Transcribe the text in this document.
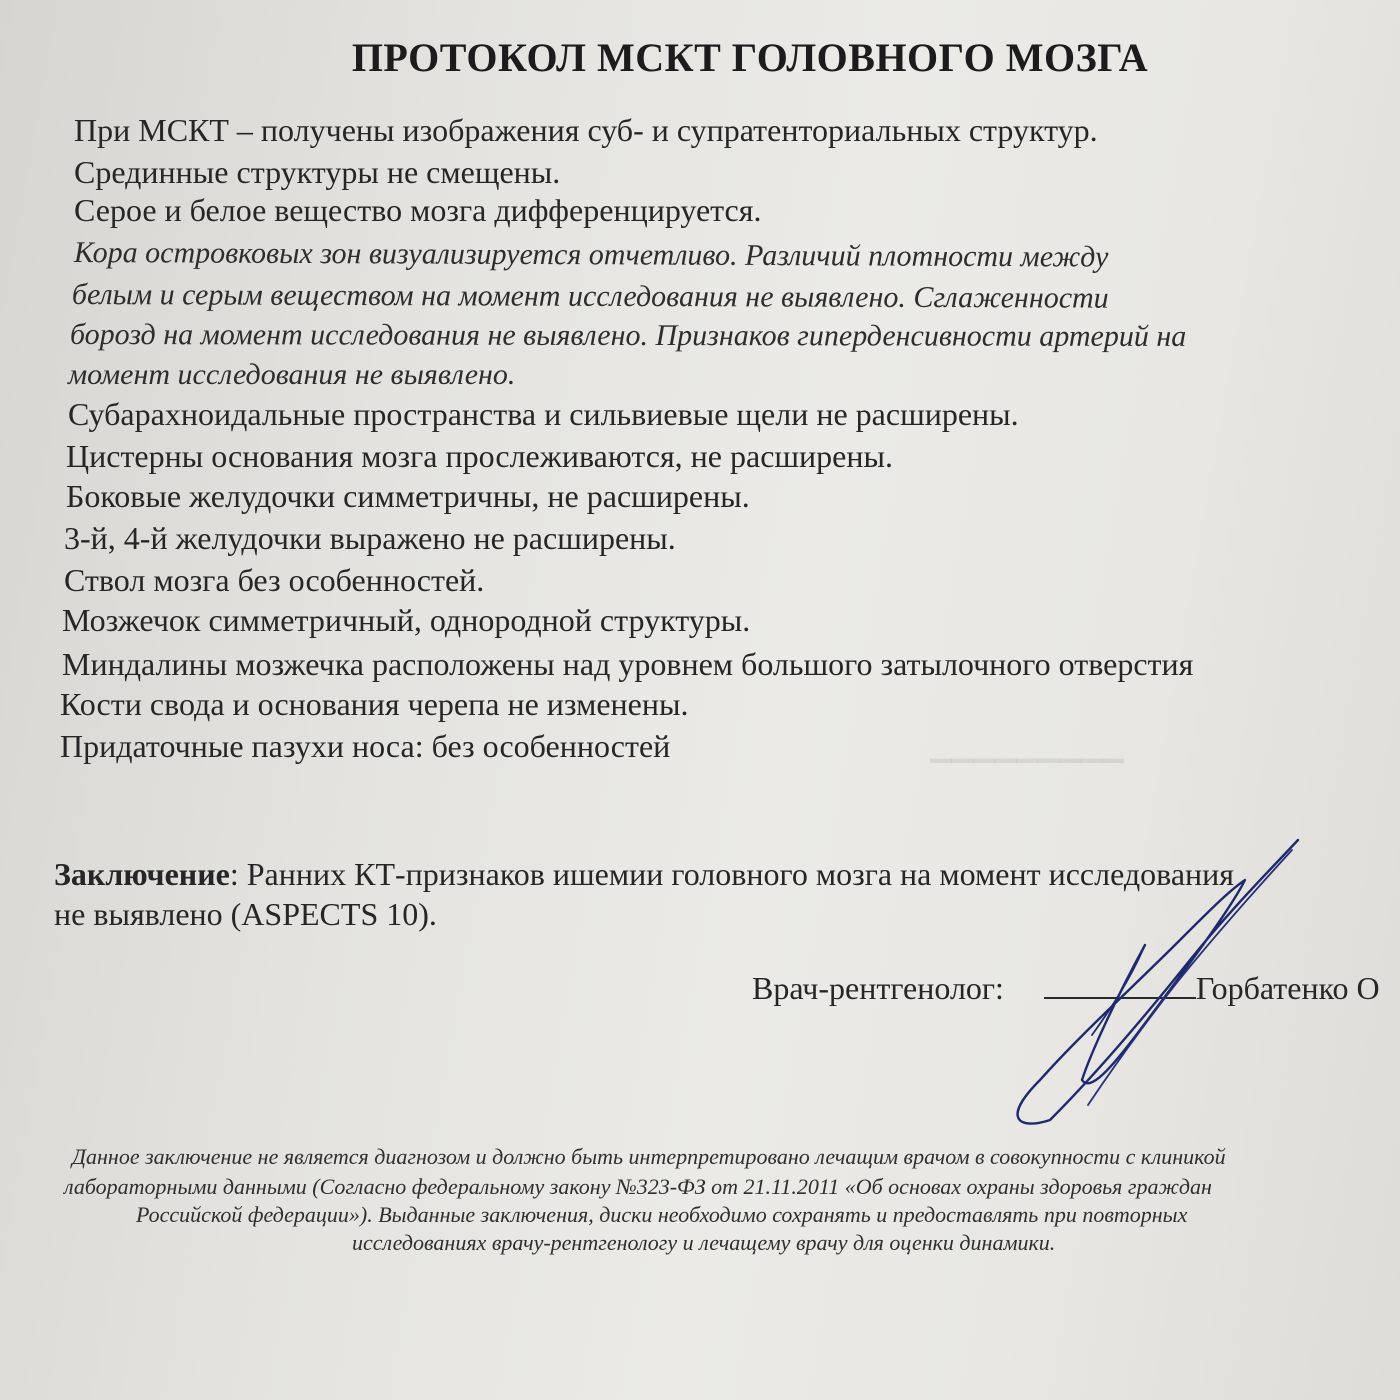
▁▁▁▁▁▁▁▁▁
ПРОТОКОЛ МСКТ ГОЛОВНОГО МОЗГА
При МСКТ – получены изображения суб- и супратенториальных структур.
Срединные структуры не смещены.
Серое и белое вещество мозга дифференцируется.
Кора островковых зон визуализируется отчетливо. Различий плотности между
белым и серым веществом на момент исследования не выявлено. Сглаженности
борозд на момент исследования не выявлено. Признаков гиперденсивности артерий на
момент исследования не выявлено.
Субарахноидальные пространства и сильвиевые щели не расширены.
Цистерны основания мозга прослеживаются, не расширены.
Боковые желудочки симметричны, не расширены.
3-й, 4-й желудочки выражено не расширены.
Ствол мозга без особенностей.
Мозжечок симметричный, однородной структуры.
Миндалины мозжечка расположены над уровнем большого затылочного отверстия
Кости свода и основания черепа не изменены.
Придаточные пазухи носа: без особенностей
Заключение: Ранних КТ-признаков ишемии головного мозга на момент исследования
не выявлено (ASPECTS 10).
Врач-рентгенолог:	Горбатенко О
Данное заключение не является диагнозом и должно быть интерпретировано лечащим врачом в совокупности с клиникой
лабораторными данными (Согласно федеральному закону №323-ФЗ от 21.11.2011 «Об основах охраны здоровья граждан
Российской федерации»). Выданные заключения, диски необходимо сохранять и предоставлять при повторных
исследованиях врачу-рентгенологу и лечащему врачу для оценки динамики.
